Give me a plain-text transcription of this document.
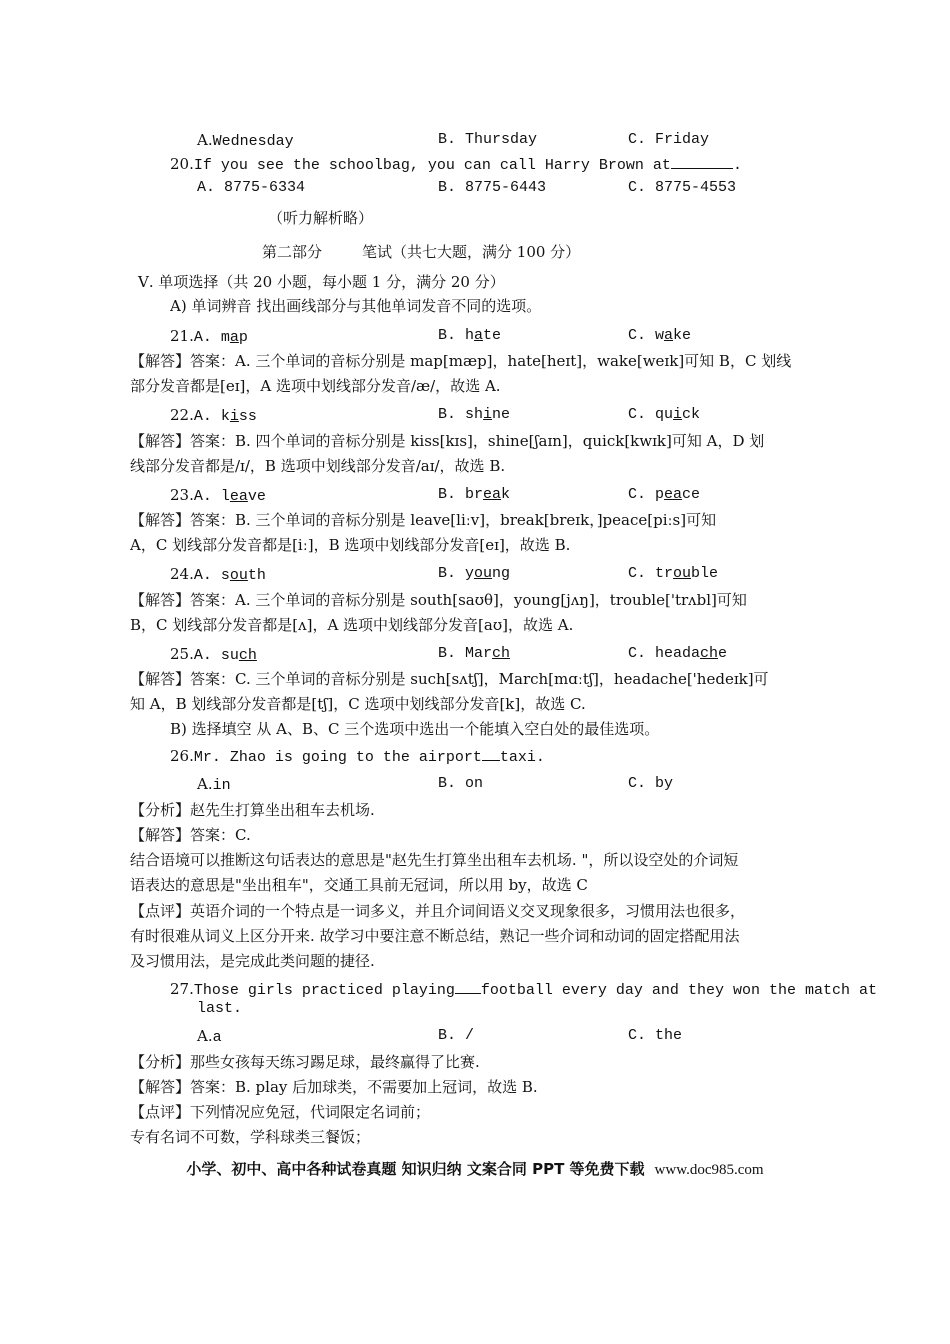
A.Wednesday	B. Thursday	C. Friday
20.If you see the schoolbag, you can call Harry Brown at	.
A. 8775-6334	B. 8775-6443	C. 8775-4553
（听力解析略）
第二部分	笔试（共七大题，满分 100 分）
Ⅴ. 单项选择（共 20 小题，每小题 1 分，满分 20 分）
A) 单词辨音 找出画线部分与其他单词发音不同的选项。
21.A. map	B. hate	C. wake
【解答】答案：A. 三个单词的音标分别是 map[mæp]，hate[heɪt]，wake[weɪk]可知 B，C 划线
部分发音都是[eɪ]，A 选项中划线部分发音/æ/，故选 A.
22.A. kiss	B. shine	C. quick
【解答】答案：B. 四个单词的音标分别是 kiss[kɪs]，shine[ʃaɪn]，quick[kwɪk]可知 A，D 划
线部分发音都是/ɪ/，B 选项中划线部分发音/aɪ/，故选 B.
23.A. leave	B. break	C. peace
【解答】答案：B. 三个单词的音标分别是 leave[liːv]，break[breɪk，]peace[piːs]可知
A，C 划线部分发音都是[iː]，B 选项中划线部分发音[eɪ]，故选 B.
24.A. south	B. young	C. trouble
【解答】答案：A. 三个单词的音标分别是 south[saʊθ]，young[jʌŋ]，trouble['trʌbl]可知
B，C 划线部分发音都是[ʌ]，A 选项中划线部分发音[aʊ]，故选 A.
25.A. such	B. March	C. headache
【解答】答案：C. 三个单词的音标分别是 such[sʌtʃ]，March[mɑːtʃ]，headache['hedeɪk]可
知 A，B 划线部分发音都是[tʃ]，C 选项中划线部分发音[k]，故选 C.
B) 选择填空 从 A、B、C 三个选项中选出一个能填入空白处的最佳选项。
26.Mr. Zhao is going to the airport taxi.
A.in	B. on	C. by
【分析】赵先生打算坐出租车去机场.
【解答】答案：C.
结合语境可以推断这句话表达的意思是"赵先生打算坐出租车去机场. "，所以设空处的介词短
语表达的意思是"坐出租车"，交通工具前无冠词，所以用 by，故选 C
【点评】英语介词的一个特点是一词多义，并且介词间语义交叉现象很多，习惯用法也很多，
有时很难从词义上区分开来. 故学习中要注意不断总结，熟记一些介词和动词的固定搭配用法
及习惯用法，是完成此类问题的捷径.
27.Those girls practiced playing football every day and they won the match at
last.
A.a	B. /	C. the
【分析】那些女孩每天练习踢足球，最终赢得了比赛.
【解答】答案：B. play 后加球类，不需要加上冠词，故选 B.
【点评】下列情况应免冠，代词限定名词前；
专有名词不可数，学科球类三餐饭；
小学、初中、高中各种试卷真题 知识归纳 文案合同 PPT 等免费下载 www.doc985.com
